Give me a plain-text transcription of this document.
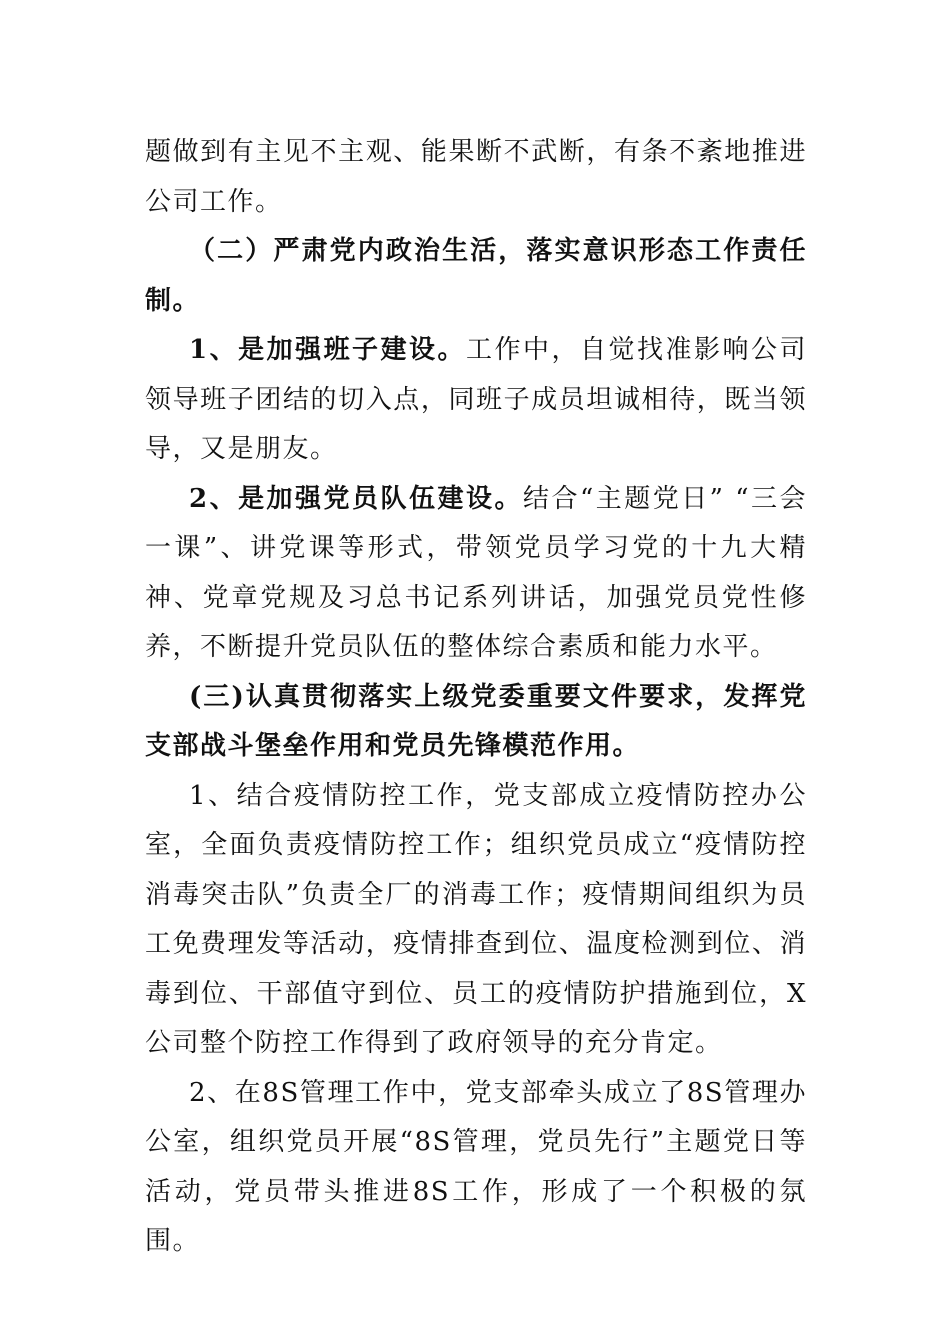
题做到有主见不主观、能果断不武断，有条不紊地推进公司工作。

（二）严肃党内政治生活，落实意识形态工作责任制。

1、是加强班子建设。工作中，自觉找准影响公司领导班子团结的切入点，同班子成员坦诚相待，既当领导，又是朋友。

2、是加强党员队伍建设。结合“主题党日” “三会一课”、讲党课等形式，带领党员学习党的十九大精神、党章党规及习总书记系列讲话，加强党员党性修养，不断提升党员队伍的整体综合素质和能力水平。

(三)认真贯彻落实上级党委重要文件要求，发挥党支部战斗堡垒作用和党员先锋模范作用。

1、结合疫情防控工作，党支部成立疫情防控办公室，全面负责疫情防控工作；组织党员成立“疫情防控消毒突击队”负责全厂的消毒工作；疫情期间组织为员工免费理发等活动，疫情排查到位、温度检测到位、消毒到位、干部值守到位、员工的疫情防护措施到位，X公司整个防控工作得到了政府领导的充分肯定。

2、在8S管理工作中，党支部牵头成立了8S管理办公室，组织党员开展“8S管理，党员先行”主题党日等活动，党员带头推进8S工作，形成了一个积极的氛围。
